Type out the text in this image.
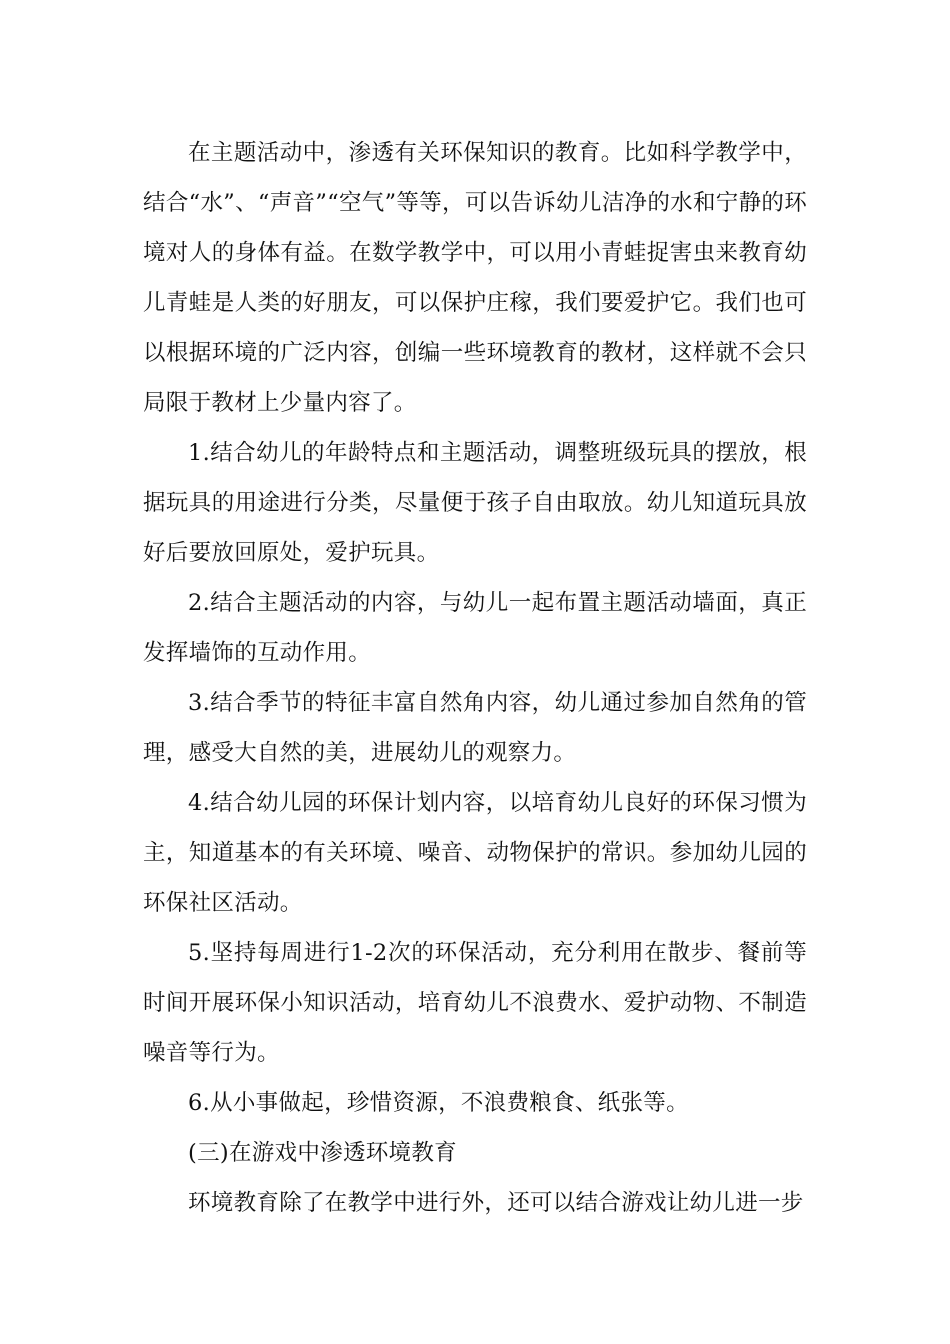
在主题活动中，渗透有关环保知识的教育。比如科学教学中，结合“水”、“声音”“空气”等等，可以告诉幼儿洁净的水和宁静的环境对人的身体有益。在数学教学中，可以用小青蛙捉害虫来教育幼儿青蛙是人类的好朋友，可以保护庄稼，我们要爱护它。我们也可以根据环境的广泛内容，创编一些环境教育的教材，这样就不会只局限于教材上少量内容了。

1.结合幼儿的年龄特点和主题活动，调整班级玩具的摆放，根据玩具的用途进行分类，尽量便于孩子自由取放。幼儿知道玩具放好后要放回原处，爱护玩具。

2.结合主题活动的内容，与幼儿一起布置主题活动墙面，真正发挥墙饰的互动作用。

3.结合季节的特征丰富自然角内容，幼儿通过参加自然角的管理，感受大自然的美，进展幼儿的观察力。

4.结合幼儿园的环保计划内容，以培育幼儿良好的环保习惯为主，知道基本的有关环境、噪音、动物保护的常识。参加幼儿园的环保社区活动。

5.坚持每周进行1-2次的环保活动，充分利用在散步、餐前等时间开展环保小知识活动，培育幼儿不浪费水、爱护动物、不制造噪音等行为。

6.从小事做起，珍惜资源，不浪费粮食、纸张等。

(三)在游戏中渗透环境教育

环境教育除了在教学中进行外，还可以结合游戏让幼儿进一步
